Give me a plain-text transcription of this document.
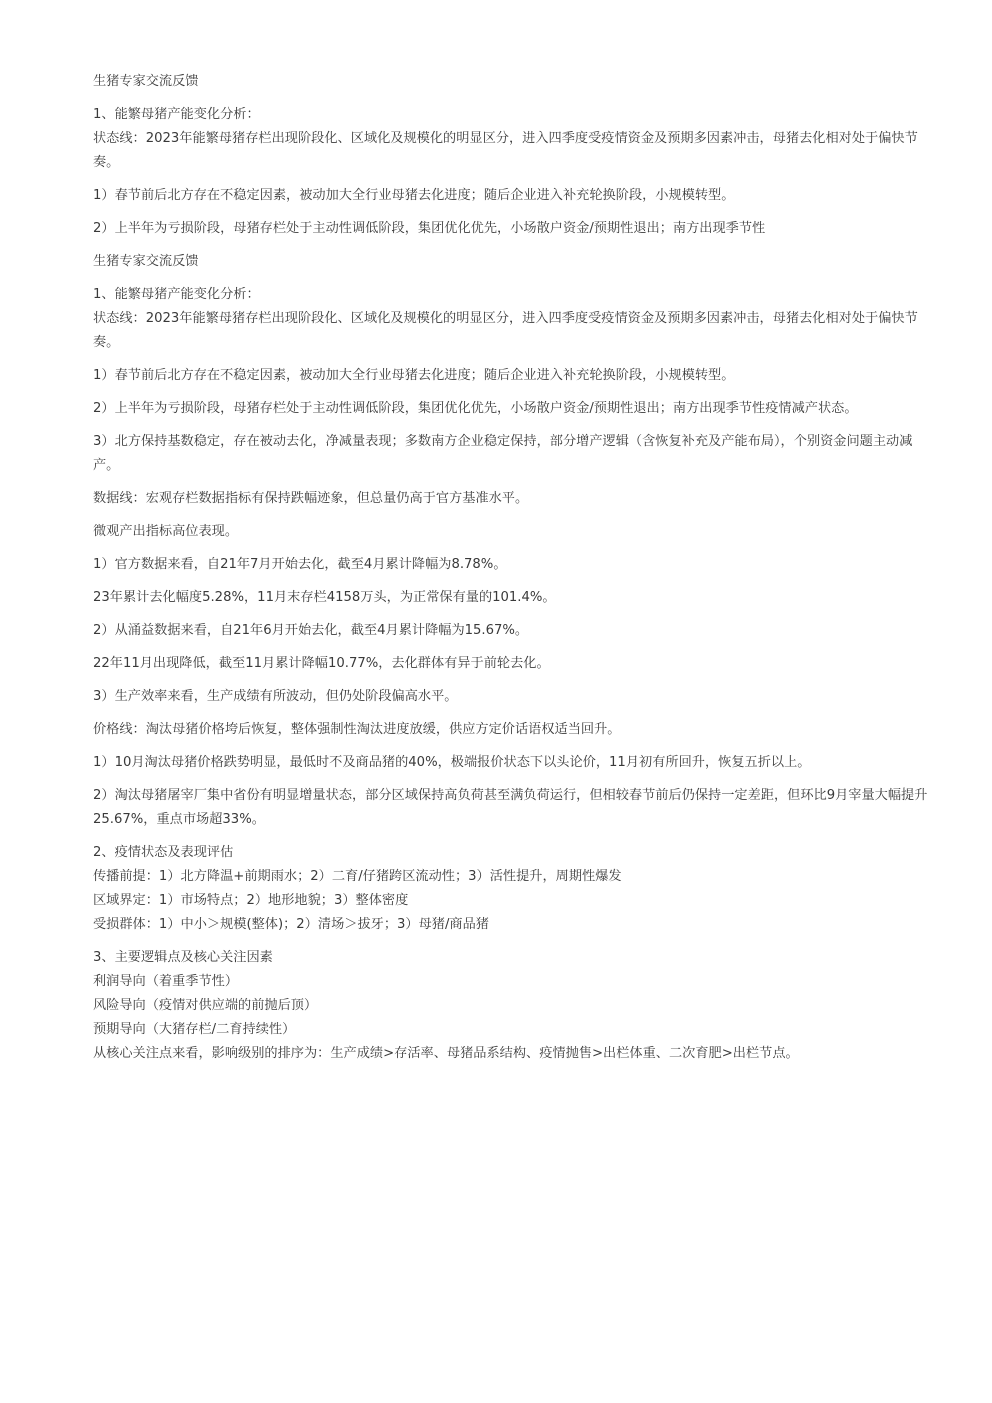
生猪专家交流反馈
1、能繁母猪产能变化分析：
状态线：2023年能繁母猪存栏出现阶段化、区域化及规模化的明显区分，进入四季度受疫情资金及预期多因素冲击，母猪去化相对处于偏快节奏。
1）春节前后北方存在不稳定因素，被动加大全行业母猪去化进度；随后企业进入补充轮换阶段，小规模转型。
2）上半年为亏损阶段，母猪存栏处于主动性调低阶段，集团优化优先，小场散户资金/预期性退出；南方出现季节性
生猪专家交流反馈
1、能繁母猪产能变化分析：
状态线：2023年能繁母猪存栏出现阶段化、区域化及规模化的明显区分，进入四季度受疫情资金及预期多因素冲击，母猪去化相对处于偏快节奏。
1）春节前后北方存在不稳定因素，被动加大全行业母猪去化进度；随后企业进入补充轮换阶段，小规模转型。
2）上半年为亏损阶段，母猪存栏处于主动性调低阶段，集团优化优先，小场散户资金/预期性退出；南方出现季节性疫情减产状态。
3）北方保持基数稳定，存在被动去化，净减量表现；多数南方企业稳定保持，部分增产逻辑（含恢复补充及产能布局），个别资金问题主动减产。
数据线：宏观存栏数据指标有保持跌幅迹象，但总量仍高于官方基准水平。
微观产出指标高位表现。
1）官方数据来看，自21年7月开始去化，截至4月累计降幅为8.78%。
23年累计去化幅度5.28%，11月末存栏4158万头，为正常保有量的101.4%。
2）从涌益数据来看，自21年6月开始去化，截至4月累计降幅为15.67%。
22年11月出现降低，截至11月累计降幅10.77%，去化群体有异于前轮去化。
3）生产效率来看，生产成绩有所波动，但仍处阶段偏高水平。
价格线：淘汰母猪价格垮后恢复，整体强制性淘汰进度放缓，供应方定价话语权适当回升。
1）10月淘汰母猪价格跌势明显，最低时不及商品猪的40%，极端报价状态下以头论价，11月初有所回升，恢复五折以上。
2）淘汰母猪屠宰厂集中省份有明显增量状态，部分区域保持高负荷甚至满负荷运行，但相较春节前后仍保持一定差距，但环比9月宰量大幅提升25.67%，重点市场超33%。
2、疫情状态及表现评估
传播前提：1）北方降温+前期雨水；2）二育/仔猪跨区流动性；3）活性提升，周期性爆发
区域界定：1）市场特点；2）地形地貌；3）整体密度
受损群体：1）中小＞规模(整体)；2）清场＞拔牙；3）母猪/商品猪
3、主要逻辑点及核心关注因素
利润导向（着重季节性）
风险导向（疫情对供应端的前抛后顶）
预期导向（大猪存栏/二育持续性）
从核心关注点来看，影响级别的排序为：生产成绩>存活率、母猪品系结构、疫情抛售>出栏体重、二次育肥>出栏节点。
